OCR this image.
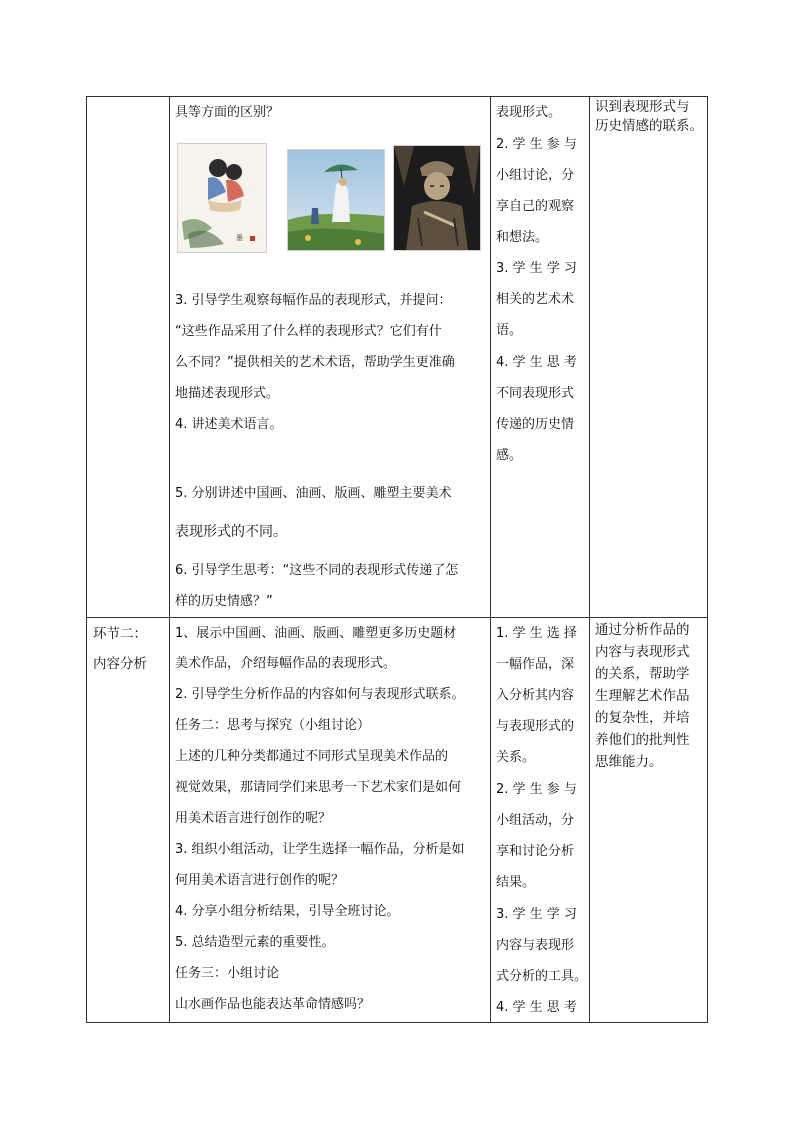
具等方面的区别？

墨

3. 引导学生观察每幅作品的表现形式，并提问：

“这些作品采用了什么样的表现形式？它们有什

么不同？”提供相关的艺术术语，帮助学生更准确

地描述表现形式。

4. 讲述美术语言。

5. 分别讲述中国画、油画、版画、雕塑主要美术

表现形式的不同。

6. 引导学生思考：“这些不同的表现形式传递了怎

样的历史情感？”

表现形式。

2. 学 生 参 与

小组讨论，分

享自己的观察

和想法。

3. 学 生 学 习

相关的艺术术

语。

4. 学 生 思 考

不同表现形式

传递的历史情

感。

识到表现形式与

历史情感的联系。

环节二：

内容分析

1、展示中国画、油画、版画、雕塑更多历史题材

美术作品，介绍每幅作品的表现形式。

2. 引导学生分析作品的内容如何与表现形式联系。

任务二：思考与探究（小组讨论）

上述的几种分类都通过不同形式呈现美术作品的

视觉效果，那请同学们来思考一下艺术家们是如何

用美术语言进行创作的呢？

3. 组织小组活动，让学生选择一幅作品，分析是如

何用美术语言进行创作的呢？

4. 分享小组分析结果，引导全班讨论。

5. 总结造型元素的重要性。

任务三：小组讨论

山水画作品也能表达革命情感吗？

1. 学 生 选 择

一幅作品，深

入分析其内容

与表现形式的

关系。

2. 学 生 参 与

小组活动，分

享和讨论分析

结果。

3. 学 生 学 习

内容与表现形

式分析的工具。

4. 学 生 思 考

通过分析作品的

内容与表现形式

的关系，帮助学

生理解艺术作品

的复杂性，并培

养他们的批判性

思维能力。
